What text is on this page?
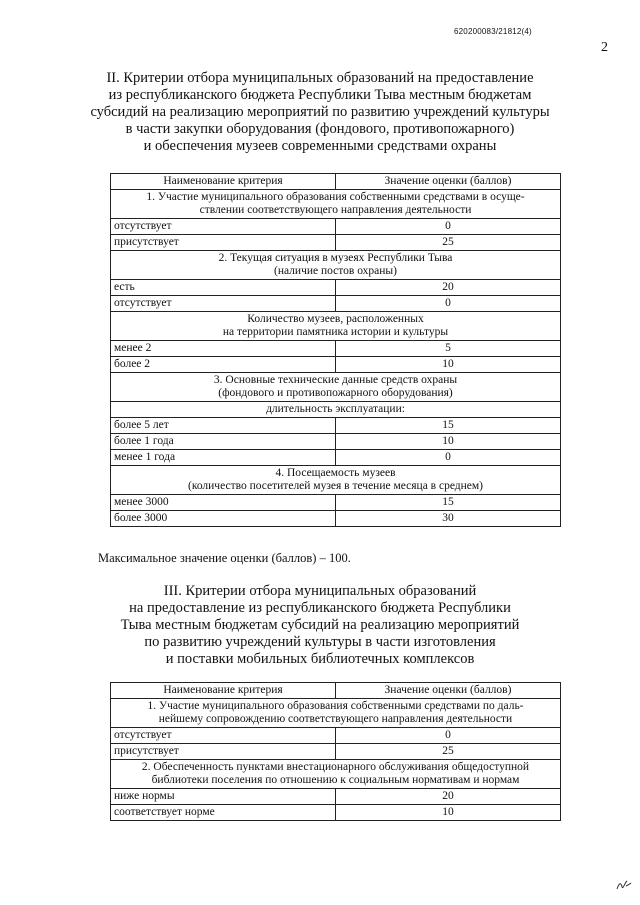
620200083/21812(4)
2
II. Критерии отбора муниципальных образований на предоставление
из республиканского бюджета Республики Тыва местным бюджетам
субсидий на реализацию мероприятий по развитию учреждений культуры
в части закупки оборудования (фондового, противопожарного)
и обеспечения музеев современными средствами охраны
Наименование критерия	Значение оценки (баллов)

1. Участие муниципального образования собственными средствами в осуще-
ствлении соответствующего направления деятельности	

отсутствует	0
присутствует	25

2. Текущая ситуация в музеях Республики Тыва
(наличие постов охраны)	

есть	20
отсутствует	0

Количество музеев, расположенных
на территории памятника истории и культуры	

менее 2	5
более 2	10

3. Основные технические данные средств охраны
(фондового и противопожарного оборудования)	

длительность эксплуатации:	
более 5 лет	15
более 1 года	10
менее 1 года	0

4. Посещаемость музеев
(количество посетителей музея в течение месяца в среднем)	

менее 3000	15
более 3000	30
Максимальное значение оценки (баллов) – 100.
III. Критерии отбора муниципальных образований
на предоставление из республиканского бюджета Республики
Тыва местным бюджетам субсидий на реализацию мероприятий
по развитию учреждений культуры в части изготовления
и поставки мобильных библиотечных комплексов
Наименование критерия	Значение оценки (баллов)

1. Участие муниципального образования собственными средствами по даль-
нейшему сопровождению соответствующего направления деятельности	

отсутствует	0
присутствует	25

2. Обеспеченность пунктами внестационарного обслуживания общедоступной
библиотеки поселения по отношению к социальным нормативам и нормам	

ниже нормы	20
соответствует норме	10
